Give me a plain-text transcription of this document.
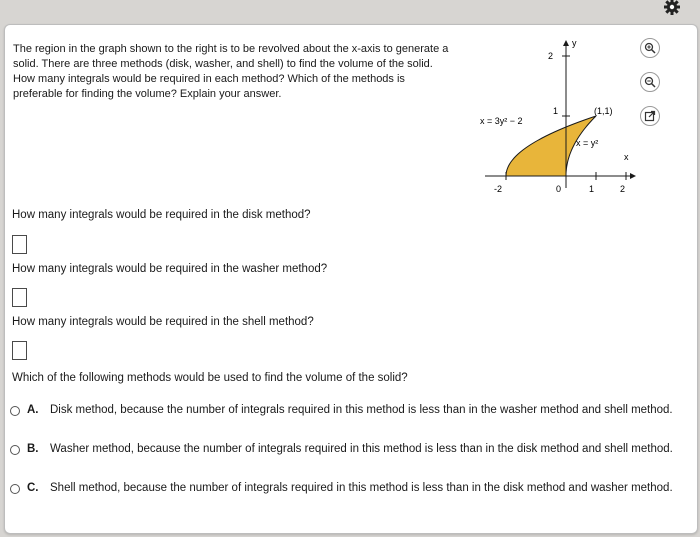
The region in the graph shown to the right is to be revolved about the x-axis to generate a solid. There are three methods (disk, washer, and shell) to find the volume of the solid. How many integrals would be required in each method? Which of the methods is preferable for finding the volume? Explain your answer.
2
1
y
x
-2	0	1	2
x = 3y² − 2
x = y²
(1,1)
How many integrals would be required in the disk method?
How many integrals would be required in the washer method?
How many integrals would be required in the shell method?
Which of the following methods would be used to find the volume of the solid?
A. Disk method, because the number of integrals required in this method is less than in the washer method and shell method.
B. Washer method, because the number of integrals required in this method is less than in the disk method and shell method.
C. Shell method, because the number of integrals required in this method is less than in the disk method and washer method.
